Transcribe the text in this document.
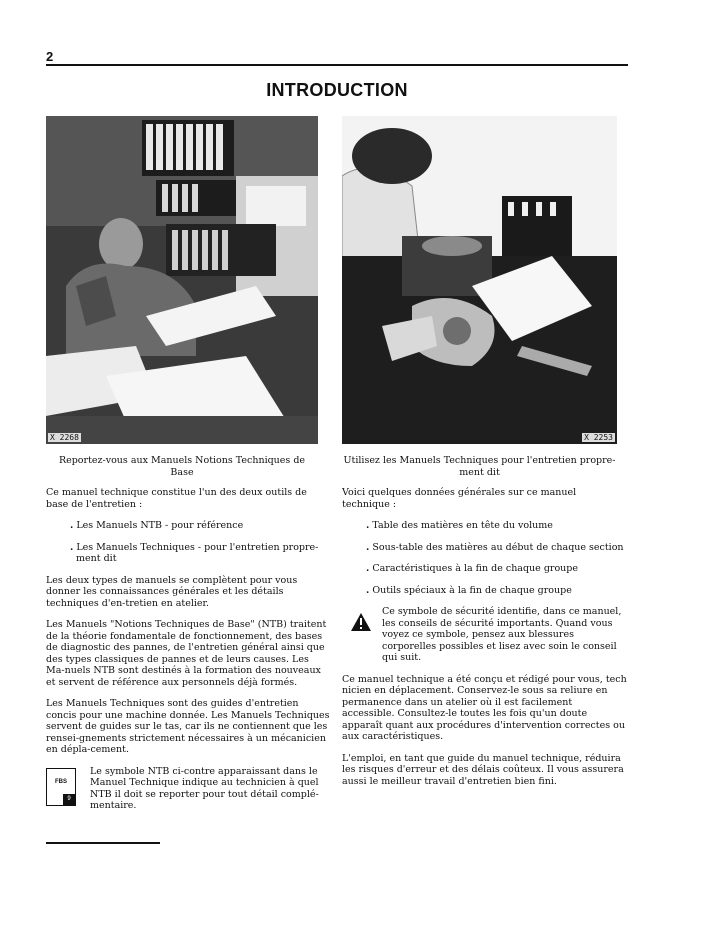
2
INTRODUCTION
X 2268	X 2253
Reportez-vous aux Manuels Notions Techniques de Base
Utilisez les Manuels Techniques pour l'entretien propre-ment dit

Ce manuel technique constitue l'un des deux outils de base de l'entretien :

. Les Manuels NTB - pour référence
. Les Manuels Techniques - pour l'entretien propre-ment dit

Les deux types de manuels se complètent pour vous donner les connaissances générales et les détails techniques d'en-tretien en atelier.

Les Manuels "Notions Techniques de Base" (NTB) traitent de la théorie fondamentale de fonctionnement, des bases de diagnostic des pannes, de l'entretien général ainsi que des types classiques de pannes et de leurs causes. Les Ma-nuels NTB sont destinés à la formation des nouveaux et servent de référence aux personnels déjà formés.

Les Manuels Techniques sont des guides d'entretien concis pour une machine donnée. Les Manuels Techniques servent de guides sur le tas, car ils ne contiennent que les rensei-gnements strictement nécessaires à un mécanicien en dépla-cement.

FBS
9
Le symbole NTB ci-contre apparaissant dans le Manuel Technique indique au technicien à quel NTB il doit se reporter pour tout détail complé-mentaire.

Voici quelques données générales sur ce manuel technique :

. Table des matières en tête du volume
. Sous-table des matières au début de chaque section
. Caractéristiques à la fin de chaque groupe
. Outils spéciaux à la fin de chaque groupe
Ce symbole de sécurité identifie, dans ce manuel, les conseils de sécurité importants. Quand vous voyez ce symbole, pensez aux blessures corporelles possibles et lisez avec soin le conseil qui suit.

Ce manuel technique a été conçu et rédigé pour vous, tech nicien en déplacement. Conservez-le sous sa reliure en permanence dans un atelier où il est facilement accessible. Consultez-le toutes les fois qu'un doute apparaît quant aux procédures d'intervention correctes ou aux caractéristiques.

L'emploi, en tant que guide du manuel technique, réduira les risques d'erreur et des délais coûteux. Il vous assurera aussi le meilleur travail d'entretien bien fini.
